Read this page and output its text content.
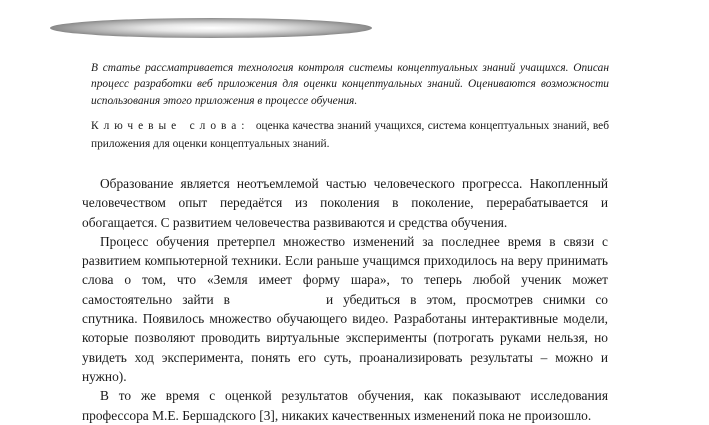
В статье рассматривается технология контроля системы концептуальных знаний учащихся. Описан процесс разработки веб приложения для оценки концептуальных знаний. Оцениваются возможности использования этого приложения в процессе обучения.

Ключевые слова: оценка качества знаний учащихся, система концептуальных знаний, веб приложения для оценки концептуальных знаний.

Образование является неотъемлемой частью человеческого прогресса. Накопленный человечеством опыт передаётся из поколения в поколение, перерабатывается и обогащается. С развитием человечества развиваются и средства обучения.

Процесс обучения претерпел множество изменений за последнее время в связи с развитием компьютерной техники. Если раньше учащимся приходилось на веру принимать слова о том, что «Земля имеет форму шара», то теперь любой ученик может самостоятельно зайти в	и убедиться в этом, просмотрев снимки со спутника. Появилось множество обучающего видео. Разработаны интерактивные модели, которые позволяют проводить виртуальные эксперименты (потрогать руками нельзя, но увидеть ход эксперимента, понять его суть, проанализировать результаты – можно и нужно).

В то же время с оценкой результатов обучения, как показывают исследования профессора М.Е. Бершадского [3], никаких качественных изменений пока не произошло.
